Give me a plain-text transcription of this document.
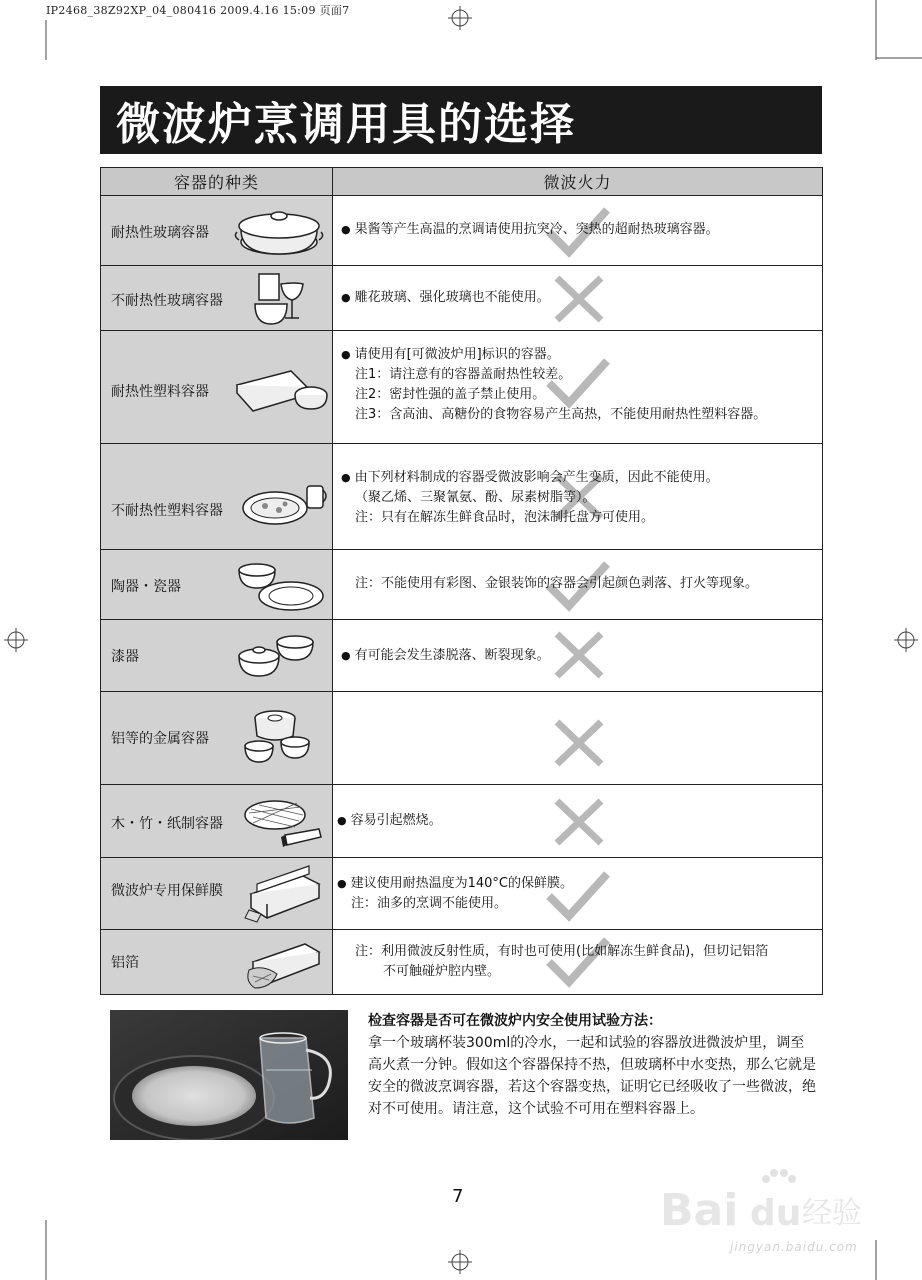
IP2468_38Z92XP_04_080416 2009.4.16 15:09 页面7
微波炉烹调用具的选择
容器的种类	微波火力

耐热性玻璃容器	● 果酱等产生高温的烹调请使用抗突冷、突热的超耐热玻璃容器。

不耐热性玻璃容器	● 雕花玻璃、强化玻璃也不能使用。

耐热性塑料容器	● 请使用有[可微波炉用]标识的容器。
注1：请注意有的容器盖耐热性较差。
注2：密封性强的盖子禁止使用。
注3：含高油、高糖份的食物容易产生高热，不能使用耐热性塑料容器。

不耐热性塑料容器	● 由下列材料制成的容器受微波影响会产生变质，因此不能使用。
（聚乙烯、三聚氰氨、酚、尿素树脂等）。
注：只有在解冻生鲜食品时，泡沫制托盘方可使用。

陶器・瓷器	注：不能使用有彩图、金银装饰的容器会引起颜色剥落、打火等现象。

漆器	● 有可能会发生漆脱落、断裂现象。

铝等的金属容器

木・竹・纸制容器	● 容易引起燃烧。

微波炉专用保鲜膜	● 建议使用耐热温度为140°C的保鲜膜。
注：油多的烹调不能使用。

铝箔	注：利用微波反射性质，有时也可使用(比如解冻生鲜食品)，但切记铝箔
不可触碰炉腔内壁。
检查容器是否可在微波炉内安全使用试验方法：
拿一个玻璃杯装300ml的冷水，一起和试验的容器放进微波炉里，调至高火煮一分钟。假如这个容器保持不热，但玻璃杯中水变热，那么它就是安全的微波烹调容器，若这个容器变热，证明它已经吸收了一些微波，绝对不可使用。请注意，这个试验不可用在塑料容器上。
7	Bai du 经验
jingyan.baidu.com
